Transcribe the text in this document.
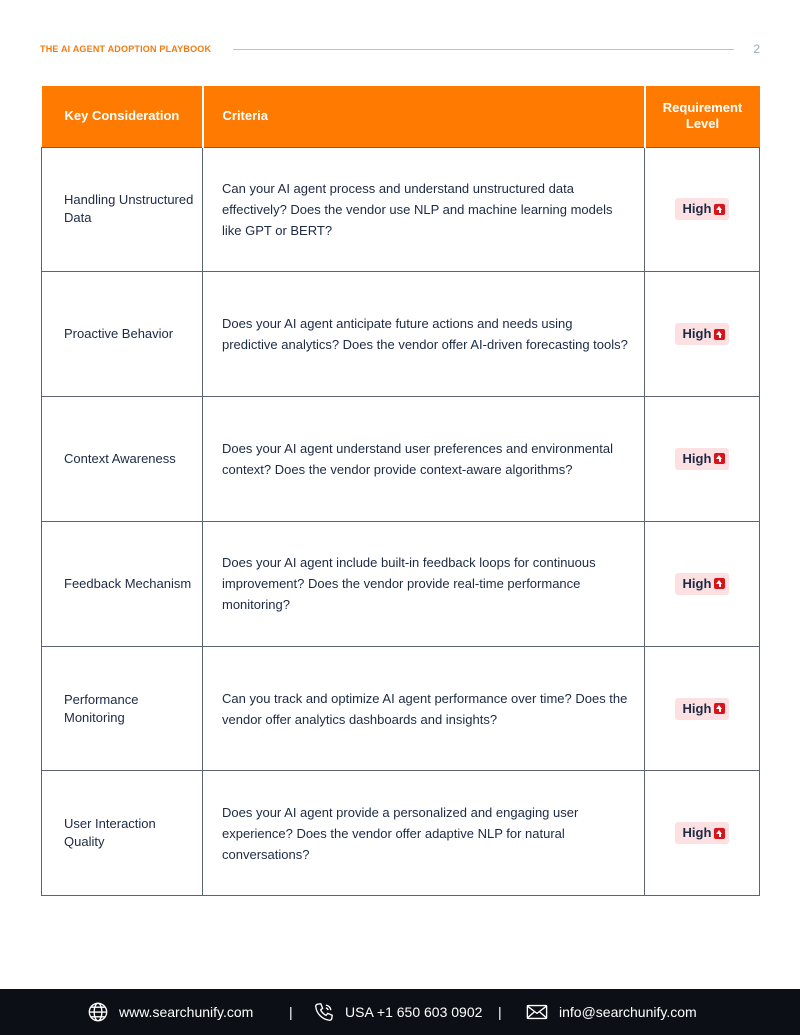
THE AI AGENT ADOPTION PLAYBOOK	2
Key Consideration	Criteria	Requirement Level
Handling Unstructured Data	Can your AI agent process and understand unstructured data effectively? Does the vendor use NLP and machine learning models like GPT or BERT?	High

Proactive Behavior	Does your AI agent anticipate future actions and needs using predictive analytics? Does the vendor offer AI-driven forecasting tools?	High

Context Awareness	Does your AI agent understand user preferences and environmental context? Does the vendor provide context-aware algorithms?	High

Feedback Mechanism	Does your AI agent include built-in feedback loops for continuous improvement? Does the vendor provide real-time performance monitoring?	High

Performance Monitoring	Can you track and optimize AI agent performance over time? Does the vendor offer analytics dashboards and insights?	High

User Interaction Quality	Does your AI agent provide a personalized and engaging user experience? Does the vendor offer adaptive NLP for natural conversations?	High
www.searchunify.com	|	USA +1 650 603 0902 |	info@searchunify.com
